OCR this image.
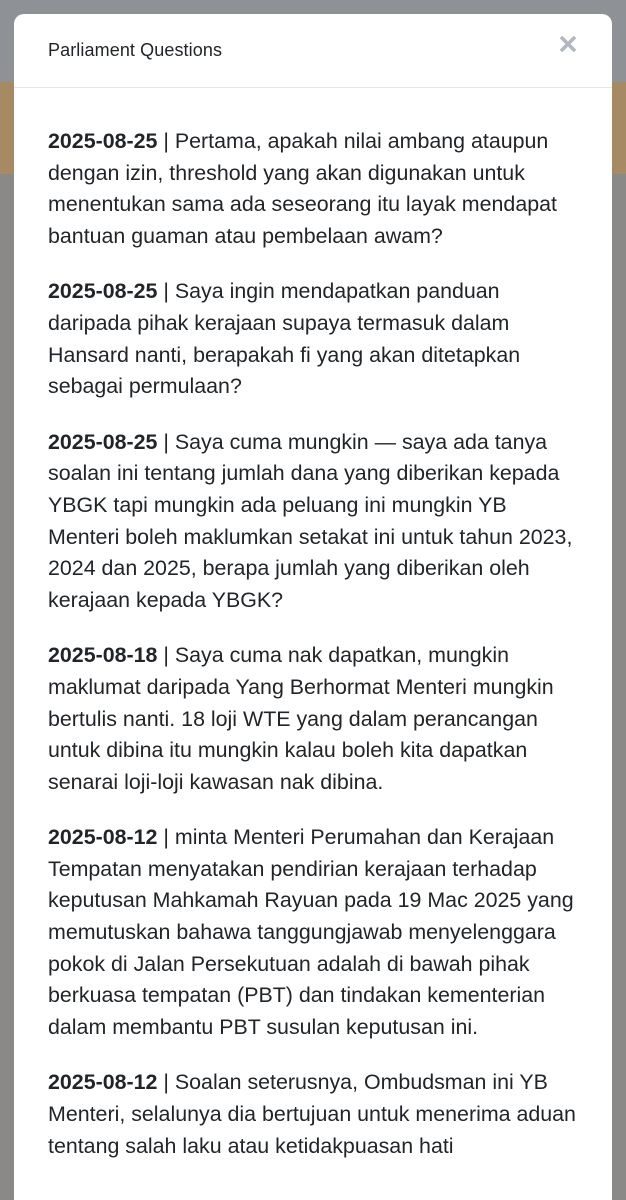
Parliament Questions

2025-08-25 | Pertama, apakah nilai ambang ataupun dengan izin, threshold yang akan digunakan untuk menentukan sama ada seseorang itu layak mendapat bantuan guaman atau pembelaan awam?

2025-08-25 | Saya ingin mendapatkan panduan daripada pihak kerajaan supaya termasuk dalam Hansard nanti, berapakah fi yang akan ditetapkan sebagai permulaan?

2025-08-25 | Saya cuma mungkin — saya ada tanya soalan ini tentang jumlah dana yang diberikan kepada YBGK tapi mungkin ada peluang ini mungkin YB Menteri boleh maklumkan setakat ini untuk tahun 2023, 2024 dan 2025, berapa jumlah yang diberikan oleh kerajaan kepada YBGK?

2025-08-18 | Saya cuma nak dapatkan, mungkin maklumat daripada Yang Berhormat Menteri mungkin bertulis nanti. 18 loji WTE yang dalam perancangan untuk dibina itu mungkin kalau boleh kita dapatkan senarai loji-loji kawasan nak dibina.

2025-08-12 | minta Menteri Perumahan dan Kerajaan Tempatan menyatakan pendirian kerajaan terhadap keputusan Mahkamah Rayuan pada 19 Mac 2025 yang memutuskan bahawa tanggungjawab menyelenggara pokok di Jalan Persekutuan adalah di bawah pihak berkuasa tempatan (PBT) dan tindakan kementerian dalam membantu PBT susulan keputusan ini.

2025-08-12 | Soalan seterusnya, Ombudsman ini YB Menteri, selalunya dia bertujuan untuk menerima aduan tentang salah laku atau ketidakpuasan hati
